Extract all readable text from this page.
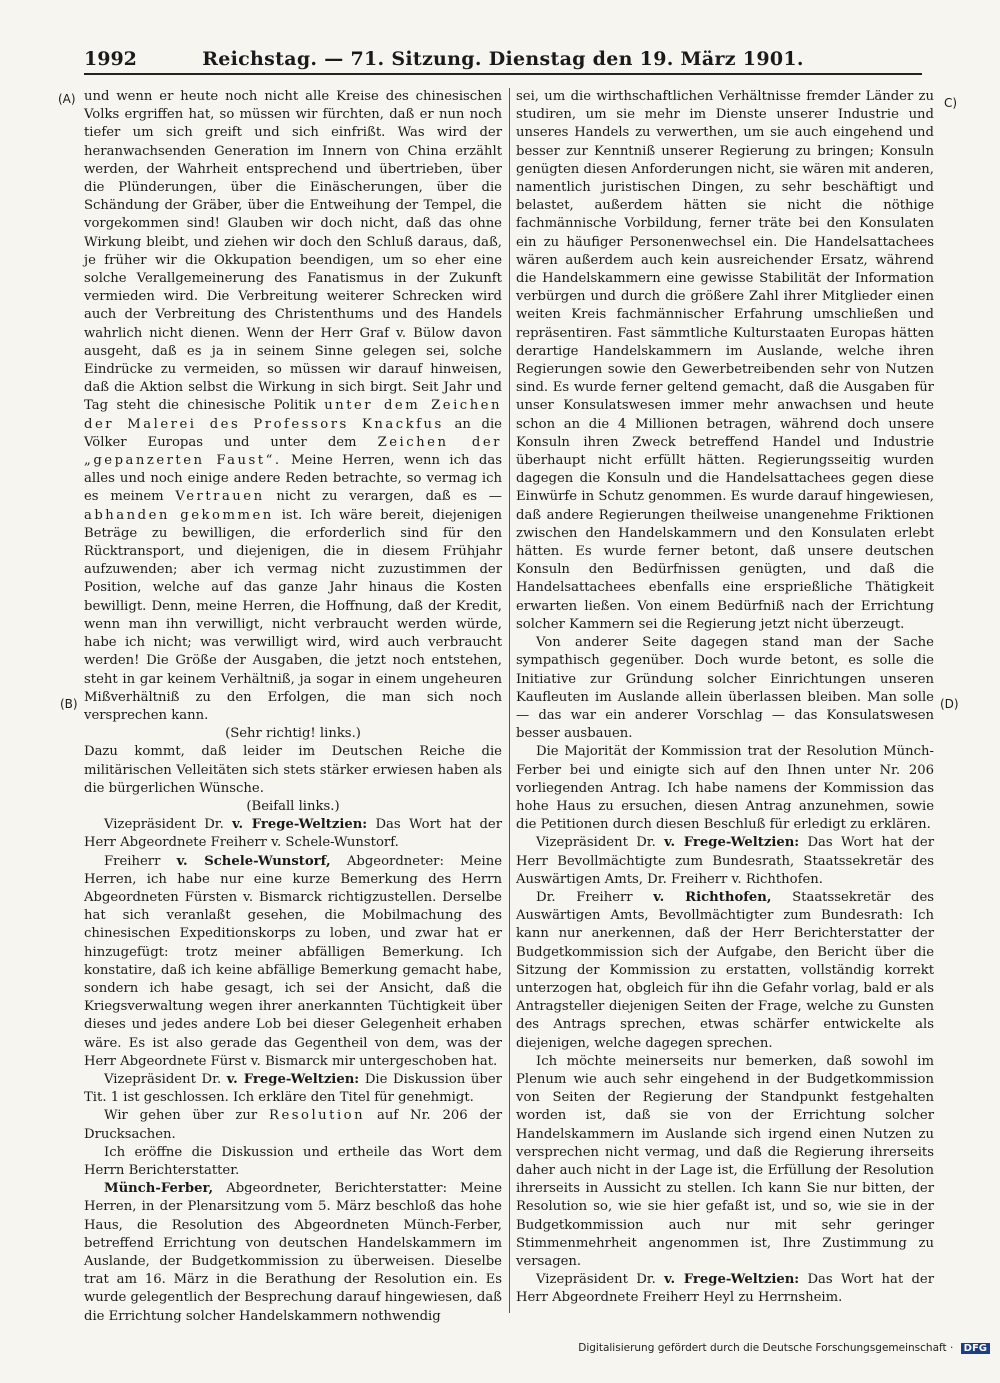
1992	Reichstag. — 71. Sitzung. Dienstag den 19. März 1901.
(A)
(B)
C)
(D)

und wenn er heute noch nicht alle Kreise des chinesischen Volks ergriffen hat, so müssen wir fürchten, daß er nun noch tiefer um sich greift und sich einfrißt. Was wird der heranwachsenden Generation im Innern von China erzählt werden, der Wahrheit entsprechend und übertrieben, über die Plünderungen, über die Einäscherungen, über die Schändung der Gräber, über die Entweihung der Tempel, die vorgekommen sind! Glauben wir doch nicht, daß das ohne Wirkung bleibt, und ziehen wir doch den Schluß daraus, daß, je früher wir die Okkupation beendigen, um so eher eine solche Verallgemeinerung des Fanatismus in der Zukunft vermieden wird. Die Verbreitung weiterer Schrecken wird auch der Verbreitung des Christenthums und des Handels wahrlich nicht dienen. Wenn der Herr Graf v. Bülow davon ausgeht, daß es ja in seinem Sinne gelegen sei, solche Eindrücke zu vermeiden, so müssen wir darauf hinweisen, daß die Aktion selbst die Wirkung in sich birgt. Seit Jahr und Tag steht die chinesische Politik unter dem Zeichen der Malerei des Professors Knackfus an die Völker Europas und unter dem Zeichen der „gepanzerten Faust“. Meine Herren, wenn ich das alles und noch einige andere Reden betrachte, so vermag ich es meinem Vertrauen nicht zu verargen, daß es — abhanden gekommen ist. Ich wäre bereit, diejenigen Beträge zu bewilligen, die erforderlich sind für den Rücktransport, und diejenigen, die in diesem Frühjahr aufzuwenden; aber ich vermag nicht zuzustimmen der Position, welche auf das ganze Jahr hinaus die Kosten bewilligt. Denn, meine Herren, die Hoffnung, daß der Kredit, wenn man ihn verwilligt, nicht verbraucht werden würde, habe ich nicht; was verwilligt wird, wird auch verbraucht werden! Die Größe der Ausgaben, die jetzt noch entstehen, steht in gar keinem Verhältniß, ja sogar in einem ungeheuren Mißverhältniß zu den Erfolgen, die man sich noch versprechen kann.

(Sehr richtig! links.)

Dazu kommt, daß leider im Deutschen Reiche die militärischen Velleitäten sich stets stärker erwiesen haben als die bürgerlichen Wünsche.

(Beifall links.)

Vizepräsident Dr. v. Frege-Weltzien: Das Wort hat der Herr Abgeordnete Freiherr v. Schele-Wunstorf.

Freiherr v. Schele-Wunstorf, Abgeordneter: Meine Herren, ich habe nur eine kurze Bemerkung des Herrn Abgeordneten Fürsten v. Bismarck richtigzustellen. Derselbe hat sich veranlaßt gesehen, die Mobilmachung des chinesischen Expeditionskorps zu loben, und zwar hat er hinzugefügt: trotz meiner abfälligen Bemerkung. Ich konstatire, daß ich keine abfällige Bemerkung gemacht habe, sondern ich habe gesagt, ich sei der Ansicht, daß die Kriegsverwaltung wegen ihrer anerkannten Tüchtigkeit über dieses und jedes andere Lob bei dieser Gelegenheit erhaben wäre. Es ist also gerade das Gegentheil von dem, was der Herr Abgeordnete Fürst v. Bismarck mir untergeschoben hat.

Vizepräsident Dr. v. Frege-Weltzien: Die Diskussion über Tit. 1 ist geschlossen. Ich erkläre den Titel für genehmigt.

Wir gehen über zur Resolution auf Nr. 206 der Drucksachen.

Ich eröffne die Diskussion und ertheile das Wort dem Herrn Berichterstatter.

Münch-Ferber, Abgeordneter, Berichterstatter: Meine Herren, in der Plenarsitzung vom 5. März beschloß das hohe Haus, die Resolution des Abgeordneten Münch-Ferber, betreffend Errichtung von deutschen Handelskammern im Auslande, der Budgetkommission zu überweisen. Dieselbe trat am 16. März in die Berathung der Resolution ein. Es wurde gelegentlich der Besprechung darauf hingewiesen, daß die Errichtung solcher Handelskammern nothwendig

sei, um die wirthschaftlichen Verhältnisse fremder Länder zu studiren, um sie mehr im Dienste unserer Industrie und unseres Handels zu verwerthen, um sie auch eingehend und besser zur Kenntniß unserer Regierung zu bringen; Konsuln genügten diesen Anforderungen nicht, sie wären mit anderen, namentlich juristischen Dingen, zu sehr beschäftigt und belastet, außerdem hätten sie nicht die nöthige fachmännische Vorbildung, ferner träte bei den Konsulaten ein zu häufiger Personenwechsel ein. Die Handelsattachees wären außerdem auch kein ausreichender Ersatz, während die Handelskammern eine gewisse Stabilität der Information verbürgen und durch die größere Zahl ihrer Mitglieder einen weiten Kreis fachmännischer Erfahrung umschließen und repräsentiren. Fast sämmtliche Kulturstaaten Europas hätten derartige Handelskammern im Auslande, welche ihren Regierungen sowie den Gewerbetreibenden sehr von Nutzen sind. Es wurde ferner geltend gemacht, daß die Ausgaben für unser Konsulatswesen immer mehr anwachsen und heute schon an die 4 Millionen betragen, während doch unsere Konsuln ihren Zweck betreffend Handel und Industrie überhaupt nicht erfüllt hätten. Regierungsseitig wurden dagegen die Konsuln und die Handelsattachees gegen diese Einwürfe in Schutz genommen. Es wurde darauf hingewiesen, daß andere Regierungen theilweise unangenehme Friktionen zwischen den Handelskammern und den Konsulaten erlebt hätten. Es wurde ferner betont, daß unsere deutschen Konsuln den Bedürfnissen genügten, und daß die Handelsattachees ebenfalls eine ersprießliche Thätigkeit erwarten ließen. Von einem Bedürfniß nach der Errichtung solcher Kammern sei die Regierung jetzt nicht überzeugt.

Von anderer Seite dagegen stand man der Sache sympathisch gegenüber. Doch wurde betont, es solle die Initiative zur Gründung solcher Einrichtungen unseren Kaufleuten im Auslande allein überlassen bleiben. Man solle — das war ein anderer Vorschlag — das Konsulatswesen besser ausbauen.

Die Majorität der Kommission trat der Resolution Münch-Ferber bei und einigte sich auf den Ihnen unter Nr. 206 vorliegenden Antrag. Ich habe namens der Kommission das hohe Haus zu ersuchen, diesen Antrag anzunehmen, sowie die Petitionen durch diesen Beschluß für erledigt zu erklären.

Vizepräsident Dr. v. Frege-Weltzien: Das Wort hat der Herr Bevollmächtigte zum Bundesrath, Staatssekretär des Auswärtigen Amts, Dr. Freiherr v. Richthofen.

Dr. Freiherr v. Richthofen, Staatssekretär des Auswärtigen Amts, Bevollmächtigter zum Bundesrath: Ich kann nur anerkennen, daß der Herr Berichterstatter der Budgetkommission sich der Aufgabe, den Bericht über die Sitzung der Kommission zu erstatten, vollständig korrekt unterzogen hat, obgleich für ihn die Gefahr vorlag, bald er als Antragsteller diejenigen Seiten der Frage, welche zu Gunsten des Antrags sprechen, etwas schärfer entwickelte als diejenigen, welche dagegen sprechen.

Ich möchte meinerseits nur bemerken, daß sowohl im Plenum wie auch sehr eingehend in der Budgetkommission von Seiten der Regierung der Standpunkt festgehalten worden ist, daß sie von der Errichtung solcher Handelskammern im Auslande sich irgend einen Nutzen zu versprechen nicht vermag, und daß die Regierung ihrerseits daher auch nicht in der Lage ist, die Erfüllung der Resolution ihrerseits in Aussicht zu stellen. Ich kann Sie nur bitten, der Resolution so, wie sie hier gefaßt ist, und so, wie sie in der Budgetkommission auch nur mit sehr geringer Stimmenmehrheit angenommen ist, Ihre Zustimmung zu versagen.

Vizepräsident Dr. v. Frege-Weltzien: Das Wort hat der Herr Abgeordnete Freiherr Heyl zu Herrnsheim.

Digitalisierung gefördert durch die Deutsche Forschungsgemeinschaft · DFG
